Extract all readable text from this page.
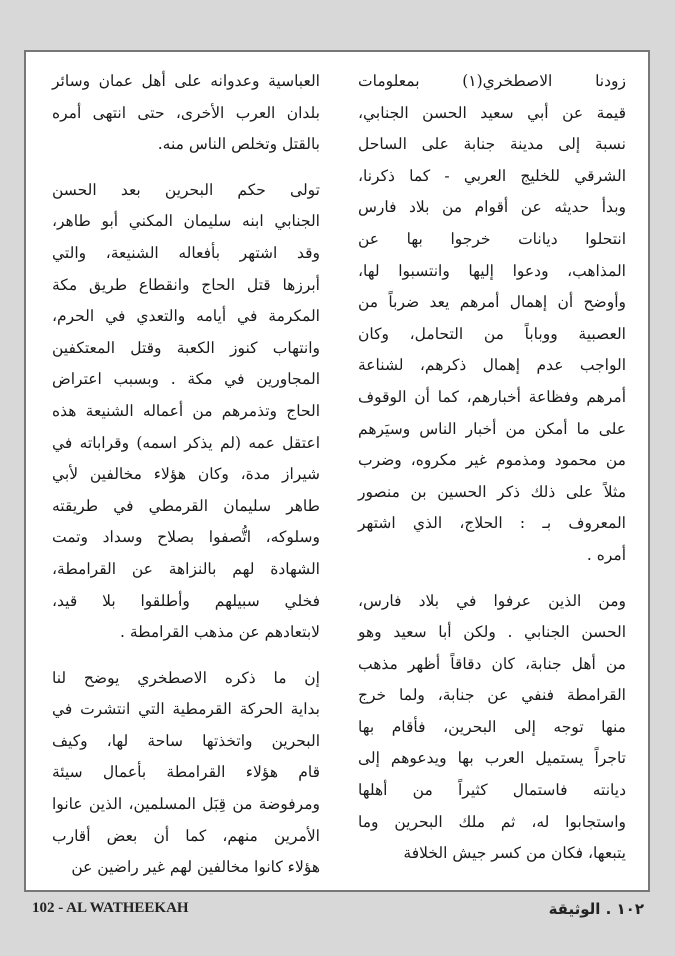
زودنا الاصطخري(١) بمعلومات
قيمة عن أبي سعيد الحسن الجنابي،
نسبة إلى مدينة جنابة على الساحل
الشرقي للخليج العربي - كما ذكرنا،
وبدأ حديثه عن أقوام من بلاد فارس
انتحلوا ديانات خرجوا بها عن
المذاهب، ودعوا إليها وانتسبوا لها،
وأوضح أن إهمال أمرهم يعد ضرباً من
العصبية ووباباً من التحامل، وكان
الواجب عدم إهمال ذكرهم، لشناعة
أمرهم وفظاعة أخبارهم، كما أن الوقوف
على ما أمكن من أخبار الناس وسيَرهم
من محمود ومذموم غير مكروه، وضرب
مثلاً على ذلك ذكر الحسين بن منصور
المعروف بـ : الحلاج، الذي اشتهر
أمره .
ومن الذين عرفوا في بلاد فارس،
الحسن الجنابي . ولكن أبا سعيد وهو
من أهل جنابة، كان دقاقاً أظهر مذهب
القرامطة فنفي عن جنابة، ولما خرج
منها توجه إلى البحرين، فأقام بها
تاجراً يستميل العرب بها ويدعوهم إلى
ديانته فاستمال كثيراً من أهلها
واستجابوا له، ثم ملك البحرين وما
يتبعها، فكان من كسر جيش الخلافة
العباسية وعدوانه على أهل عمان وسائر
بلدان العرب الأخرى، حتى انتهى أمره
بالقتل وتخلص الناس منه.
تولى حكم البحرين بعد الحسن
الجنابي ابنه سليمان المكني أبو طاهر،
وقد اشتهر بأفعاله الشنيعة، والتي
أبرزها قتل الحاج وانقطاع طريق مكة
المكرمة في أيامه والتعدي في الحرم،
وانتهاب كنوز الكعبة وقتل المعتكفين
المجاورين في مكة . وبسبب اعتراض
الحاج وتذمرهم من أعماله الشنيعة هذه
اعتقل عمه (لم يذكر اسمه) وقراباته في
شيراز مدة، وكان هؤلاء مخالفين لأبي
طاهر سليمان القرمطي في طريقته
وسلوكه، اتُّصفوا بصلاح وسداد وتمت
الشهادة لهم بالنزاهة عن القرامطة،
فخلي سبيلهم وأطلقوا بلا قيد،
لابتعادهم عن مذهب القرامطة .
إن ما ذكره الاصطخري يوضح لنا
بداية الحركة القرمطية التي انتشرت في
البحرين واتخذتها ساحة لها، وكيف
قام هؤلاء القرامطة بأعمال سيئة
ومرفوضة من قِبَل المسلمين، الذين عانوا
الأمرين منهم، كما أن بعض أقارب
هؤلاء كانوا مخالفين لهم غير راضين عن
102 - AL WATHEEKAH	١٠٢ . الوثيقة
